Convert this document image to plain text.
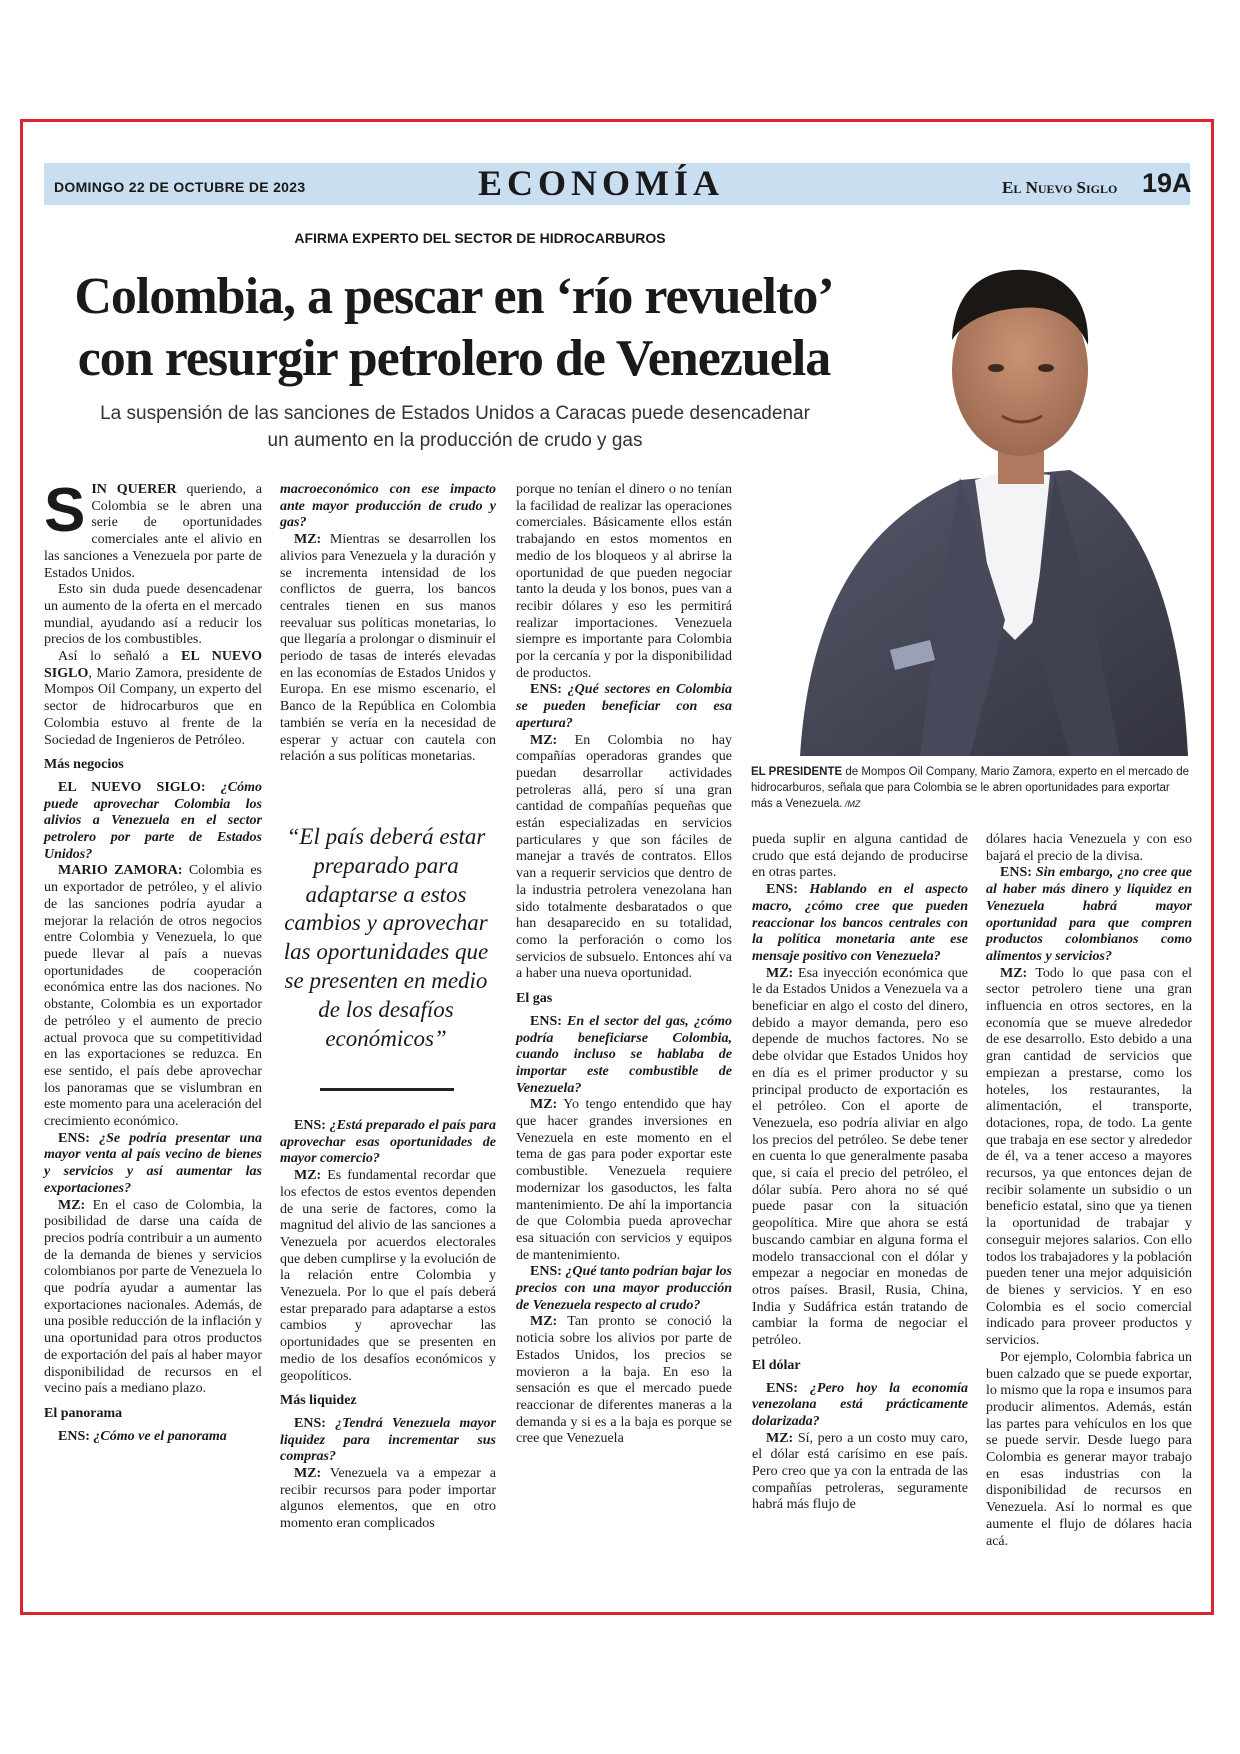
DOMINGO 22 DE OCTUBRE DE 2023	ECONOMÍA	El Nuevo Siglo 19A
AFIRMA EXPERTO DEL SECTOR DE HIDROCARBUROS
Colombia, a pescar en ‘río revuelto’
con resurgir petrolero de Venezuela
La suspensión de las sanciones de Estados Unidos a Caracas puede desencadenar
un aumento en la producción de crudo y gas
EL PRESIDENTE de Mompos Oil Company, Mario Zamora, experto en el mercado de hidrocarburos, señala que para Colombia se le abren oportunidades para exportar más a Venezuela. /MZ

SIN QUERER queriendo, a Colombia se le abren una serie de oportunidades comerciales ante el alivio en las sanciones a Venezuela por parte de Estados Unidos.

Esto sin duda puede desencadenar un aumento de la oferta en el mercado mundial, ayudando así a reducir los precios de los combustibles.

Así lo señaló a EL NUEVO SIGLO, Mario Zamora, presidente de Mompos Oil Company, un experto del sector de hidrocarburos que en Colombia estuvo al frente de la Sociedad de Ingenieros de Petróleo.

Más negocios

EL NUEVO SIGLO: ¿Cómo puede aprovechar Colombia los alivios a Venezuela en el sector petrolero por parte de Estados Unidos?

MARIO ZAMORA: Colombia es un exportador de petróleo, y el alivio de las sanciones podría ayudar a mejorar la relación de otros negocios entre Colombia y Venezuela, lo que puede llevar al país a nuevas oportunidades de cooperación económica entre las dos naciones. No obstante, Colombia es un exportador de petróleo y el aumento de precio actual provoca que su competitividad en las exportaciones se reduzca. En ese sentido, el país debe aprovechar los panoramas que se vislumbran en este momento para una aceleración del crecimiento económico.

ENS: ¿Se podría presentar una mayor venta al país vecino de bienes y servicios y así aumentar las exportaciones?

MZ: En el caso de Colombia, la posibilidad de darse una caída de precios podría contribuir a un aumento de la demanda de bienes y servicios colombianos por parte de Venezuela lo que podría ayudar a aumentar las exportaciones nacionales. Además, de una posible reducción de la inflación y una oportunidad para otros productos de exportación del país al haber mayor disponibilidad de recursos en el vecino país a mediano plazo.

El panorama

ENS: ¿Cómo ve el panorama

macroeconómico con ese impacto ante mayor producción de crudo y gas?

MZ: Mientras se desarrollen los alivios para Venezuela y la duración y se incrementa intensidad de los conflictos de guerra, los bancos centrales tienen en sus manos reevaluar sus políticas monetarias, lo que llegaría a prolongar o disminuir el periodo de tasas de interés elevadas en las economías de Estados Unidos y Europa. En ese mismo escenario, el Banco de la República en Colombia también se vería en la necesidad de esperar y actuar con cautela con relación a sus políticas monetarias.

“El país deberá estar preparado para adaptarse a estos cambios y aprovechar las oportunidades que se presenten en medio de los desafíos económicos”

ENS: ¿Está preparado el país para aprovechar esas oportunidades de mayor comercio?

MZ: Es fundamental recordar que los efectos de estos eventos dependen de una serie de factores, como la magnitud del alivio de las sanciones a Venezuela por acuerdos electorales que deben cumplirse y la evolución de la relación entre Colombia y Venezuela. Por lo que el país deberá estar preparado para adaptarse a estos cambios y aprovechar las oportunidades que se presenten en medio de los desafíos económicos y geopolíticos.

Más liquidez

ENS: ¿Tendrá Venezuela mayor liquidez para incrementar sus compras?

MZ: Venezuela va a empezar a recibir recursos para poder importar algunos elementos, que en otro momento eran complicados

porque no tenían el dinero o no tenían la facilidad de realizar las operaciones comerciales. Básicamente ellos están trabajando en estos momentos en medio de los bloqueos y al abrirse la oportunidad de que pueden negociar tanto la deuda y los bonos, pues van a recibir dólares y eso les permitirá realizar importaciones. Venezuela siempre es importante para Colombia por la cercanía y por la disponibilidad de productos.

ENS: ¿Qué sectores en Colombia se pueden beneficiar con esa apertura?

MZ: En Colombia no hay compañías operadoras grandes que puedan desarrollar actividades petroleras allá, pero sí una gran cantidad de compañías pequeñas que están especializadas en servicios particulares y que son fáciles de manejar a través de contratos. Ellos van a requerir servicios que dentro de la industria petrolera venezolana han sido totalmente desbaratados o que han desaparecido en su totalidad, como la perforación o como los servicios de subsuelo. Entonces ahí va a haber una nueva oportunidad.

El gas

ENS: En el sector del gas, ¿cómo podría beneficiarse Colombia, cuando incluso se hablaba de importar este combustible de Venezuela?

MZ: Yo tengo entendido que hay que hacer grandes inversiones en Venezuela en este momento en el tema de gas para poder exportar este combustible. Venezuela requiere modernizar los gasoductos, les falta mantenimiento. De ahí la importancia de que Colombia pueda aprovechar esa situación con servicios y equipos de mantenimiento.

ENS: ¿Qué tanto podrían bajar los precios con una mayor producción de Venezuela respecto al crudo?

MZ: Tan pronto se conoció la noticia sobre los alivios por parte de Estados Unidos, los precios se movieron a la baja. En eso la sensación es que el mercado puede reaccionar de diferentes maneras a la demanda y si es a la baja es porque se cree que Venezuela

pueda suplir en alguna cantidad de crudo que está dejando de producirse en otras partes.

ENS: Hablando en el aspecto macro, ¿cómo cree que pueden reaccionar los bancos centrales con la política monetaria ante ese mensaje positivo con Venezuela?

MZ: Esa inyección económica que le da Estados Unidos a Venezuela va a beneficiar en algo el costo del dinero, debido a mayor demanda, pero eso depende de muchos factores. No se debe olvidar que Estados Unidos hoy en día es el primer productor y su principal producto de exportación es el petróleo. Con el aporte de Venezuela, eso podría aliviar en algo los precios del petróleo. Se debe tener en cuenta lo que generalmente pasaba que, si caía el precio del petróleo, el dólar subía. Pero ahora no sé qué puede pasar con la situación geopolítica. Mire que ahora se está buscando cambiar en alguna forma el modelo transaccional con el dólar y empezar a negociar en monedas de otros países. Brasil, Rusia, China, India y Sudáfrica están tratando de cambiar la forma de negociar el petróleo.

El dólar

ENS: ¿Pero hoy la economía venezolana está prácticamente dolarizada?

MZ: Sí, pero a un costo muy caro, el dólar está carísimo en ese país. Pero creo que ya con la entrada de las compañías petroleras, seguramente habrá más flujo de

dólares hacia Venezuela y con eso bajará el precio de la divisa.

ENS: Sin embargo, ¿no cree que al haber más dinero y liquidez en Venezuela habrá mayor oportunidad para que compren productos colombianos como alimentos y servicios?

MZ: Todo lo que pasa con el sector petrolero tiene una gran influencia en otros sectores, en la economía que se mueve alrededor de ese desarrollo. Esto debido a una gran cantidad de servicios que empiezan a prestarse, como los hoteles, los restaurantes, la alimentación, el transporte, dotaciones, ropa, de todo. La gente que trabaja en ese sector y alrededor de él, va a tener acceso a mayores recursos, ya que entonces dejan de recibir solamente un subsidio o un beneficio estatal, sino que ya tienen la oportunidad de trabajar y conseguir mejores salarios. Con ello todos los trabajadores y la población pueden tener una mejor adquisición de bienes y servicios. Y en eso Colombia es el socio comercial indicado para proveer productos y servicios.

Por ejemplo, Colombia fabrica un buen calzado que se puede exportar, lo mismo que la ropa e insumos para producir alimentos. Además, están las partes para vehículos en los que se puede servir. Desde luego para Colombia es generar mayor trabajo en esas industrias con la disponibilidad de recursos en Venezuela. Así lo normal es que aumente el flujo de dólares hacia acá.
